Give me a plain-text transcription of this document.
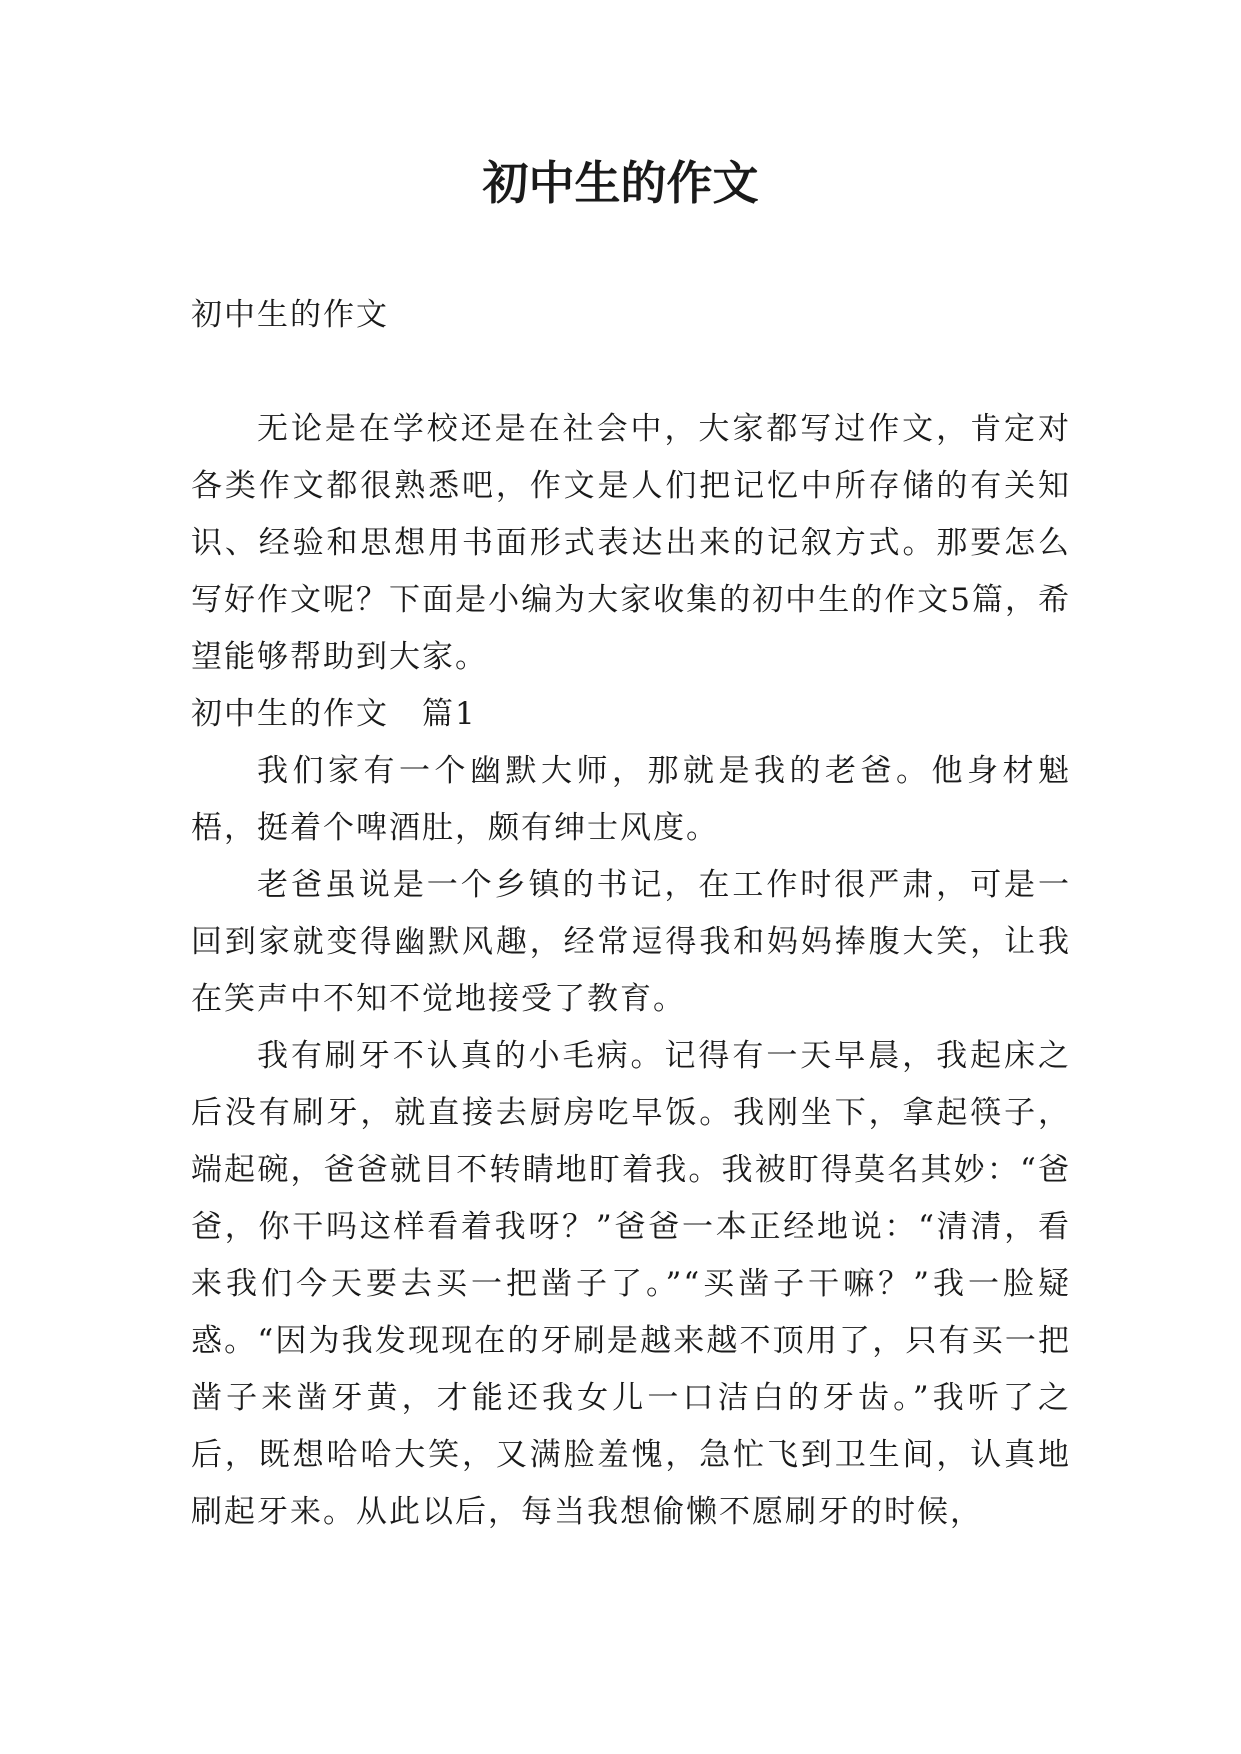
初中生的作文

初中生的作文

无论是在学校还是在社会中，大家都写过作文，肯定对各类作文都很熟悉吧，作文是人们把记忆中所存储的有关知识、经验和思想用书面形式表达出来的记叙方式。那要怎么写好作文呢？下面是小编为大家收集的初中生的作文5篇，希望能够帮助到大家。

初中生的作文　篇1

我们家有一个幽默大师，那就是我的老爸。他身材魁梧，挺着个啤酒肚，颇有绅士风度。

老爸虽说是一个乡镇的书记，在工作时很严肃，可是一回到家就变得幽默风趣，经常逗得我和妈妈捧腹大笑，让我在笑声中不知不觉地接受了教育。

我有刷牙不认真的小毛病。记得有一天早晨，我起床之后没有刷牙，就直接去厨房吃早饭。我刚坐下，拿起筷子，端起碗，爸爸就目不转睛地盯着我。我被盯得莫名其妙：“爸爸，你干吗这样看着我呀？”爸爸一本正经地说：“清清，看来我们今天要去买一把凿子了。”“买凿子干嘛？”我一脸疑惑。“因为我发现现在的牙刷是越来越不顶用了，只有买一把凿子来凿牙黄，才能还我女儿一口洁白的牙齿。”我听了之后，既想哈哈大笑，又满脸羞愧，急忙飞到卫生间，认真地刷起牙来。从此以后，每当我想偷懒不愿刷牙的时候，
